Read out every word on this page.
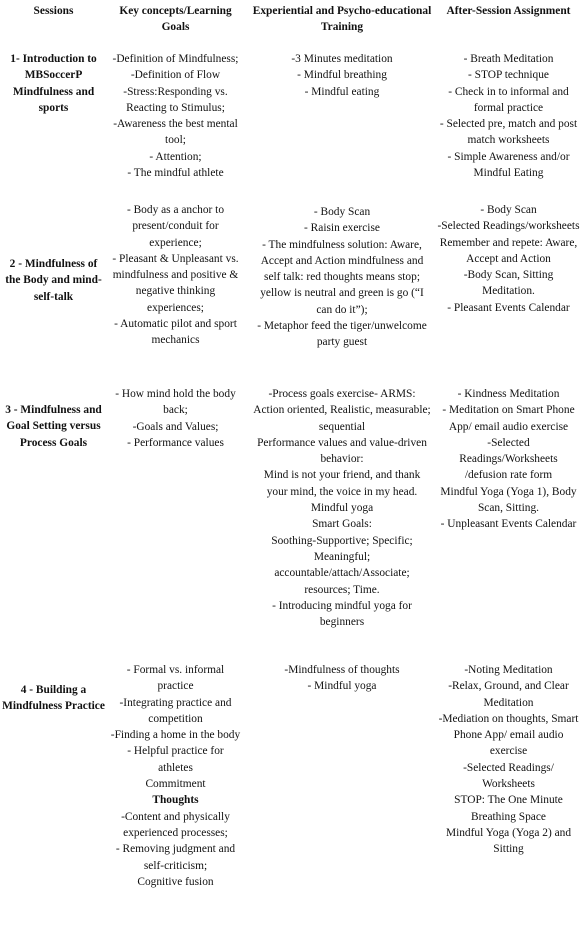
Sessions	Key concepts/Learning Goals
Experiential and Psycho-educational Training
After-Session Assignment
1- Introduction to MBSoccerP Mindfulness and sports
-Definition of Mindfulness;
-Definition of Flow
-Stress:Responding vs. Reacting to Stimulus;
-Awareness the best mental tool;
- Attention;
- The mindful athlete
-3 Minutes meditation
- Mindful breathing
- Mindful eating
- Breath Meditation
- STOP technique
- Check in to informal and formal practice
- Selected pre, match and post match worksheets
- Simple Awareness and/or Mindful Eating
2 - Mindfulness of the Body and mind- self-talk
- Body as a anchor to present/conduit for experience;
- Pleasant & Unpleasant vs. mindfulness and positive & negative thinking experiences;
- Automatic pilot and sport mechanics
- Body Scan
- Raisin exercise
- The mindfulness solution: Aware, Accept and Action mindfulness and self talk: red thoughts means stop; yellow is neutral and green is go (“I can do it”);
- Metaphor feed the tiger/unwelcome party guest
- Body Scan
-Selected Readings/worksheets
Remember and repete: Aware, Accept and Action
-Body Scan, Sitting Meditation.
- Pleasant Events Calendar
3 - Mindfulness and Goal Setting versus Process Goals
- How mind hold the body back;
-Goals and Values;
- Performance values
-Process goals exercise- ARMS: Action oriented, Realistic, measurable; sequential
Performance values and value-driven behavior:
Mind is not your friend, and thank your mind, the voice in my head.
Mindful yoga
Smart Goals:
Soothing-Supportive; Specific; Meaningful; accountable/attach/Associate; resources; Time.
- Introducing mindful yoga for beginners
- Kindness Meditation
- Meditation on Smart Phone App/ email audio exercise
-Selected Readings/Worksheets /defusion rate form
Mindful Yoga (Yoga 1), Body Scan, Sitting.
- Unpleasant Events Calendar
4 - Building a Mindfulness Practice
- Formal vs. informal practice
-Integrating practice and competition
-Finding a home in the body
- Helpful practice for athletes
Commitment
Thoughts
-Content and physically experienced processes;
- Removing judgment and self-criticism;
Cognitive fusion
-Mindfulness of thoughts
- Mindful yoga
-Noting Meditation
-Relax, Ground, and Clear Meditation
-Mediation on thoughts, Smart Phone App/ email audio exercise
-Selected Readings/ Worksheets
STOP: The One Minute Breathing Space
Mindful Yoga (Yoga 2) and Sitting
